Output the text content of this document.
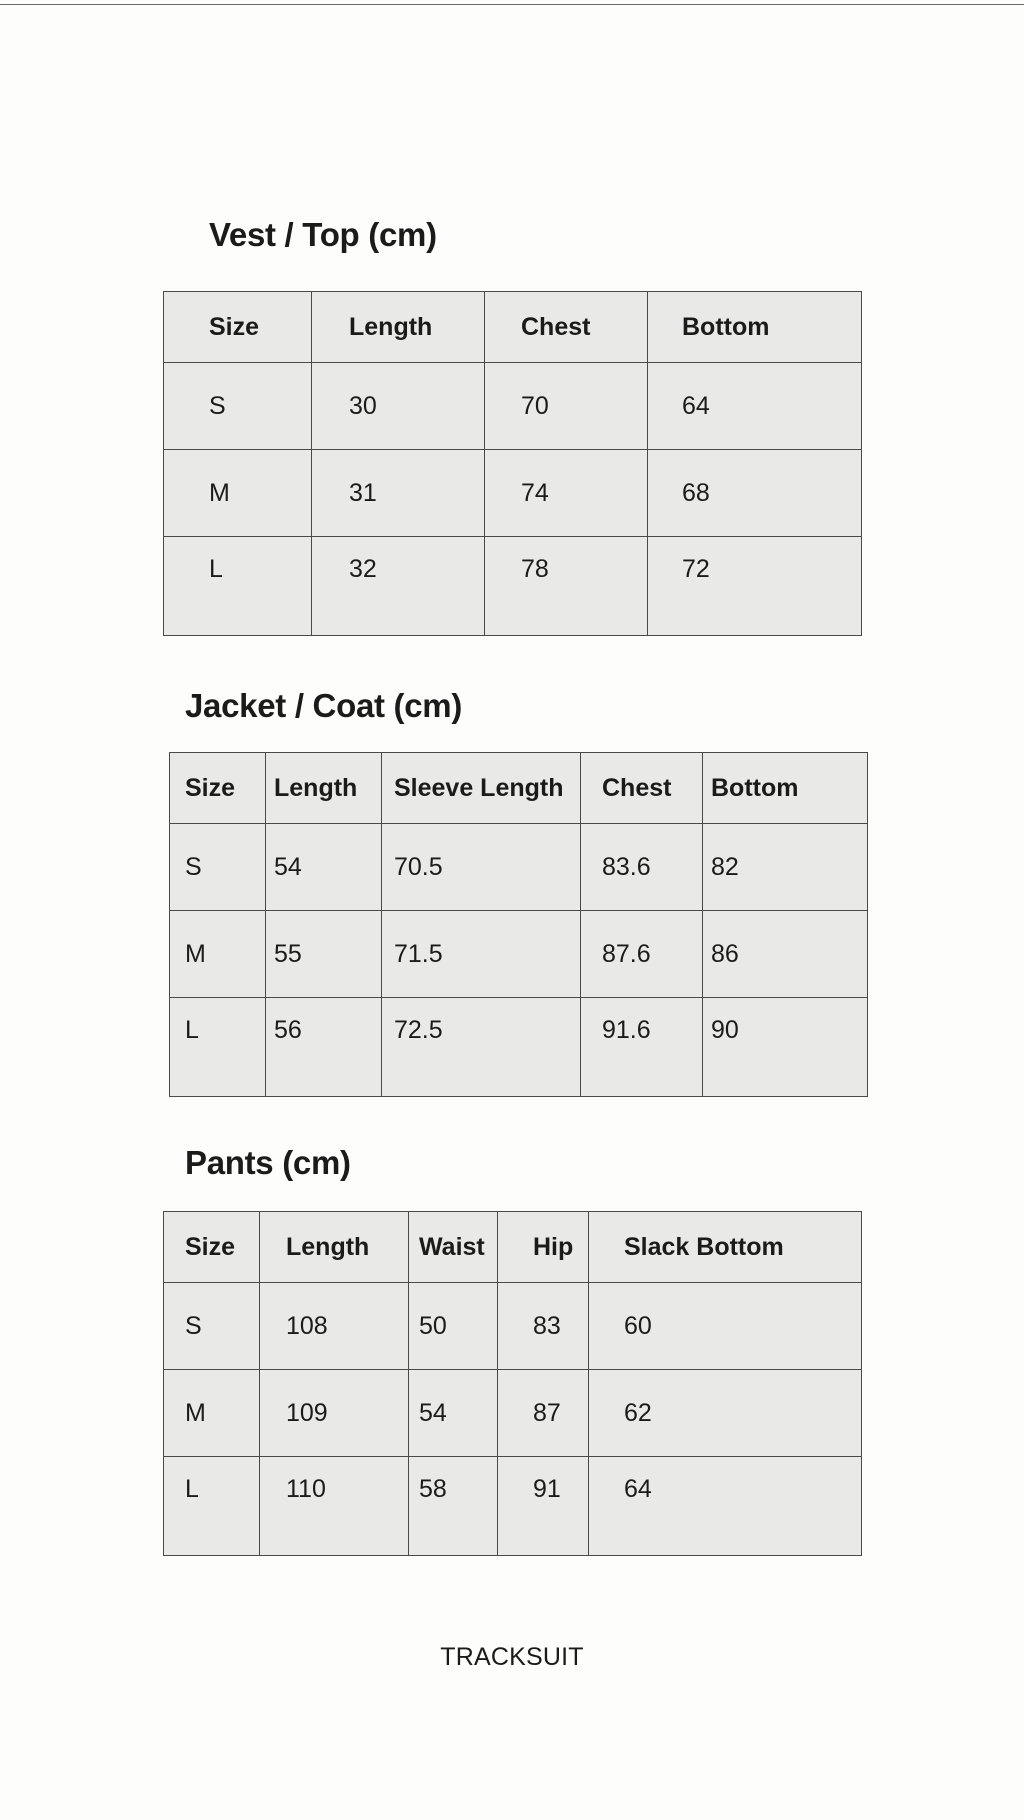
Vest / Top (cm)
Size	Length	Chest	Bottom
S	30	70	64
M	31	74	68
L	32	78	72
Jacket / Coat (cm)
Size	Length	Sleeve Length	Chest	Bottom
S	54	70.5	83.6	82
M	55	71.5	87.6	86
L	56	72.5	91.6	90
Pants (cm)
Size	Length	Waist	Hip	Slack Bottom
S	108	50	83	60
M	109	54	87	62
L	110	58	91	64
TRACKSUIT
